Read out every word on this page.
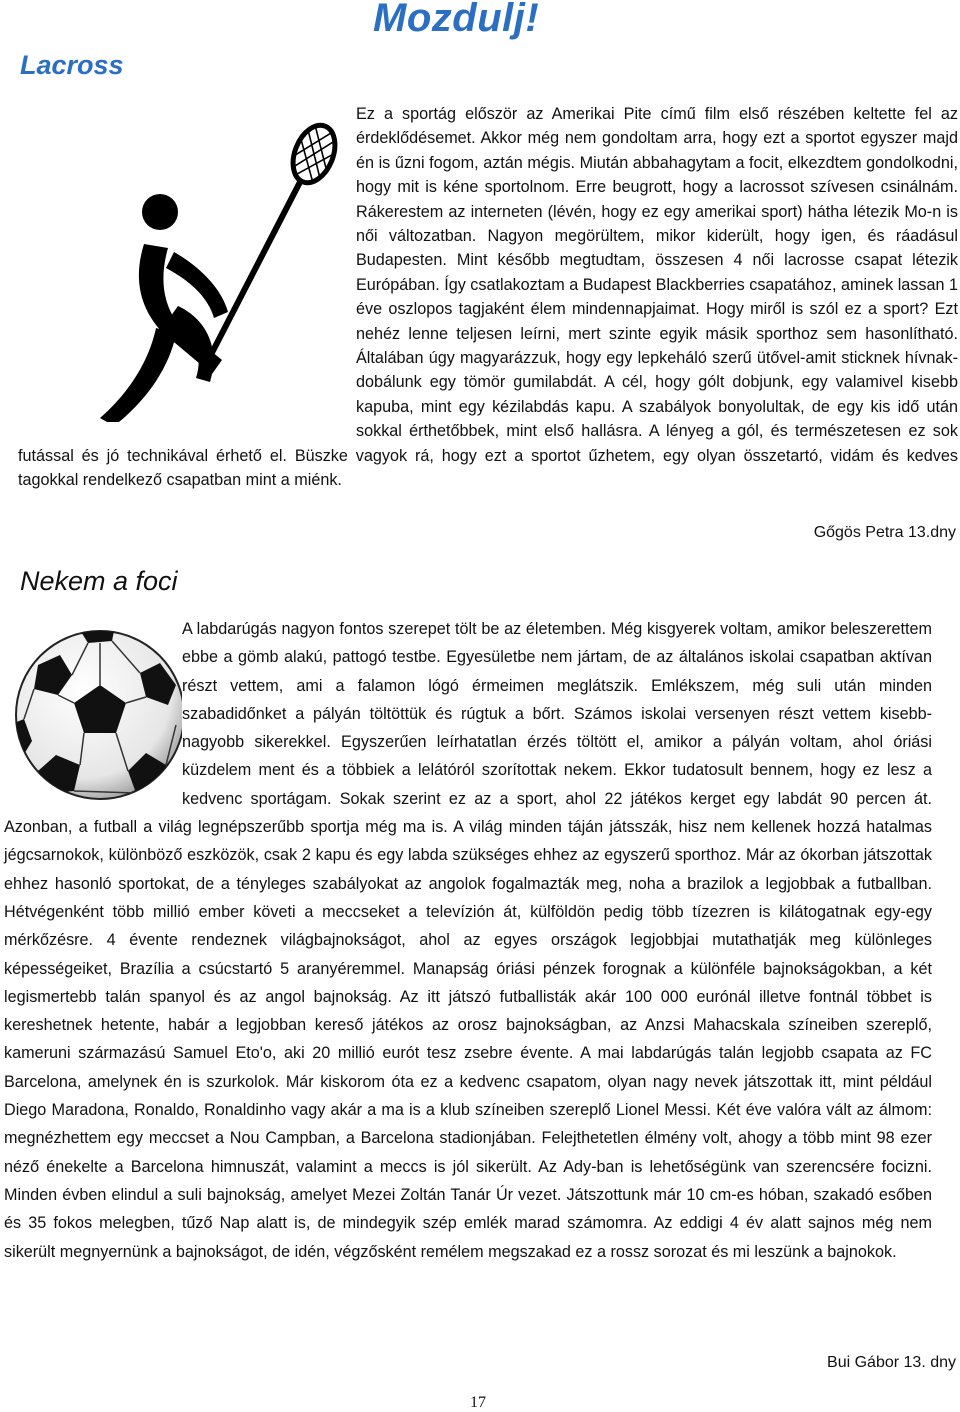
Mozdulj!
Lacross

Ez a sportág először az Amerikai Pite című film első részében keltette fel az érdeklődésemet. Akkor még nem gondoltam arra, hogy ezt a sportot egyszer majd én is űzni fogom, aztán mégis. Miután abbahagytam a focit, elkezdtem gondolkodni, hogy mit is kéne sportolnom. Erre beugrott, hogy a lacrossot szívesen csinálnám. Rákerestem az interneten (lévén, hogy ez egy amerikai sport) hátha létezik Mo-n is női változatban. Nagyon megörültem, mikor kiderült, hogy igen, és ráadásul Budapesten. Mint később megtudtam, összesen 4 női lacrosse csapat létezik Európában. Így csatlakoztam a Budapest Blackberries csapatához, aminek lassan 1 éve oszlopos tagjaként élem mindennapjaimat. Hogy miről is szól ez a sport? Ezt nehéz lenne teljesen leírni, mert szinte egyik másik sporthoz sem hasonlítható. Általában úgy magyarázzuk, hogy egy lepkeháló szerű ütővel-amit sticknek hívnak-dobálunk egy tömör gumilabdát. A cél, hogy gólt dobjunk, egy valamivel kisebb kapuba, mint egy kézilabdás kapu. A szabályok bonyolultak, de egy kis idő után sokkal érthetőbbek, mint első hallásra. A lényeg a gól, és természetesen ez sok futással és jó technikával érhető el. Büszke vagyok rá, hogy ezt a sportot űzhetem, egy olyan összetartó, vidám és kedves tagokkal rendelkező csapatban mint a miénk.

Gőgös Petra 13.dny
Nekem a foci

A labdarúgás nagyon fontos szerepet tölt be az életemben. Még kisgyerek voltam, amikor beleszerettem ebbe a gömb alakú, pattogó testbe. Egyesületbe nem jártam, de az általános iskolai csapatban aktívan részt vettem, ami a falamon lógó érmeimen meglátszik. Emlékszem, még suli után minden szabadidőnket a pályán töltöttük és rúgtuk a bőrt. Számos iskolai versenyen részt vettem kisebb-nagyobb sikerekkel. Egyszerűen leírhatatlan érzés töltött el, amikor a pályán voltam, ahol óriási küzdelem ment és a többiek a lelátóról szorítottak nekem. Ekkor tudatosult bennem, hogy ez lesz a kedvenc sportágam. Sokak szerint ez az a sport, ahol 22 játékos kerget egy labdát 90 percen át. Azonban, a futball a világ legnépszerűbb sportja még ma is. A világ minden táján játsszák, hisz nem kellenek hozzá hatalmas jégcsarnokok, különböző eszközök, csak 2 kapu és egy labda szükséges ehhez az egyszerű sporthoz. Már az ókorban játszottak ehhez hasonló sportokat, de a tényleges szabályokat az angolok fogalmazták meg, noha a brazilok a legjobbak a futballban. Hétvégenként több millió ember követi a meccseket a televízión át, külföldön pedig több tízezren is kilátogatnak egy-egy mérkőzésre. 4 évente rendeznek világbajnokságot, ahol az egyes országok legjobbjai mutathatják meg különleges képességeiket, Brazília a csúcstartó 5 aranyéremmel. Manapság óriási pénzek forognak a különféle bajnokságokban, a két legismertebb talán spanyol és az angol bajnokság. Az itt játszó futballisták akár 100 000 eurónál illetve fontnál többet is kereshetnek hetente, habár a legjobban kereső játékos az orosz bajnokságban, az Anzsi Mahacskala színeiben szereplő, kameruni származású Samuel Eto'o, aki 20 millió eurót tesz zsebre évente. A mai labdarúgás talán legjobb csapata az FC Barcelona, amelynek én is szurkolok. Már kiskorom óta ez a kedvenc csapatom, olyan nagy nevek játszottak itt, mint például Diego Maradona, Ronaldo, Ronaldinho vagy akár a ma is a klub színeiben szereplő Lionel Messi. Két éve valóra vált az álmom: megnézhettem egy meccset a Nou Campban, a Barcelona stadionjában. Felejthetetlen élmény volt, ahogy a több mint 98 ezer néző énekelte a Barcelona himnuszát, valamint a meccs is jól sikerült. Az Ady-ban is lehetőségünk van szerencsére focizni. Minden évben elindul a suli bajnokság, amelyet Mezei Zoltán Tanár Úr vezet. Játszottunk már 10 cm-es hóban, szakadó esőben és 35 fokos melegben, tűző Nap alatt is, de mindegyik szép emlék marad számomra. Az eddigi 4 év alatt sajnos még nem sikerült megnyernünk a bajnokságot, de idén, végzősként remélem megszakad ez a rossz sorozat és mi leszünk a bajnokok.

Bui Gábor 13. dny
17
